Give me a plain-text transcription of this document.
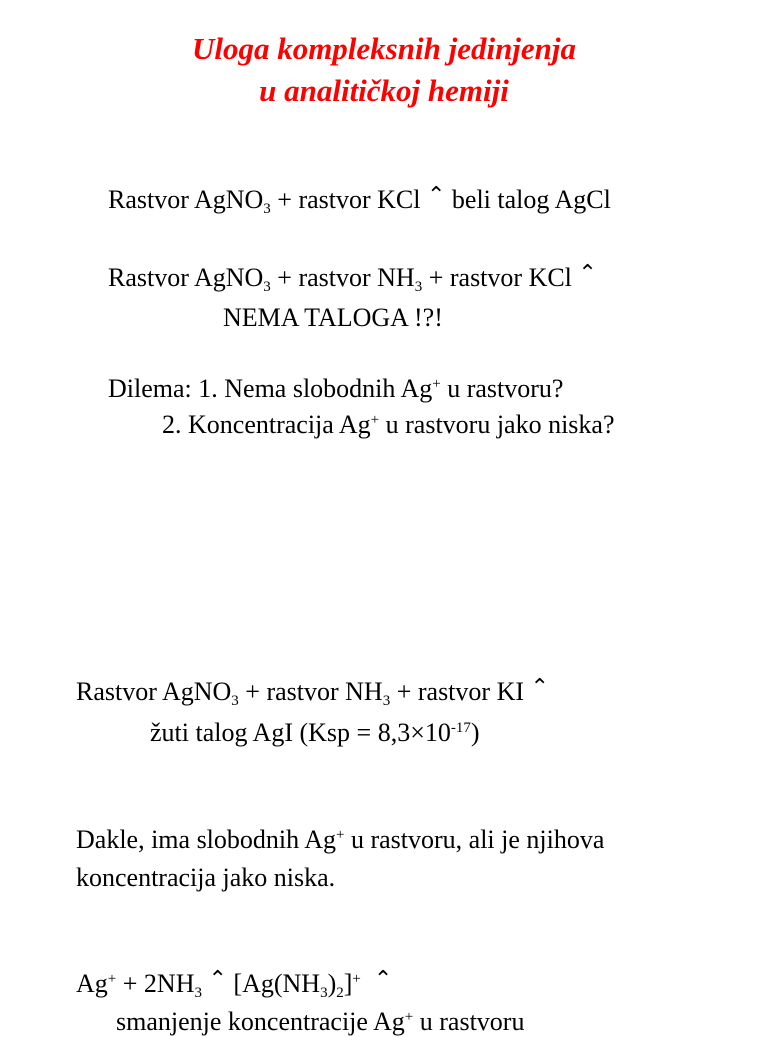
Uloga kompleksnih jedinjenja
u analitičkoj hemiji
Rastvor AgNO$_3$ + rastvor KCl ⌃ beli talog AgCl
Rastvor AgNO$_3$ + rastvor $NH_3$ + rastvor KCl ⌃
NEMA TALOGA !?!
Dilema: 1. Nema slobodnih Ag+ u rastvoru?
2. Koncentracija Ag+ u rastvoru jako niska?
Rastvor AgNO$_3$ + rastvor $NH_3$ + rastvor KI ⌃
žuti talog AgI $(Ksp = 8,3\times 10^{-17})$
Dakle, ima slobodnih Ag+ u rastvoru, ali je njihova
koncentracija jako niska.
$Ag^+ + 2NH_3$ ⌃ $[Ag(NH_3)_2]^+$ ⌃
smanjenje koncentracije Ag+ u rastvoru
